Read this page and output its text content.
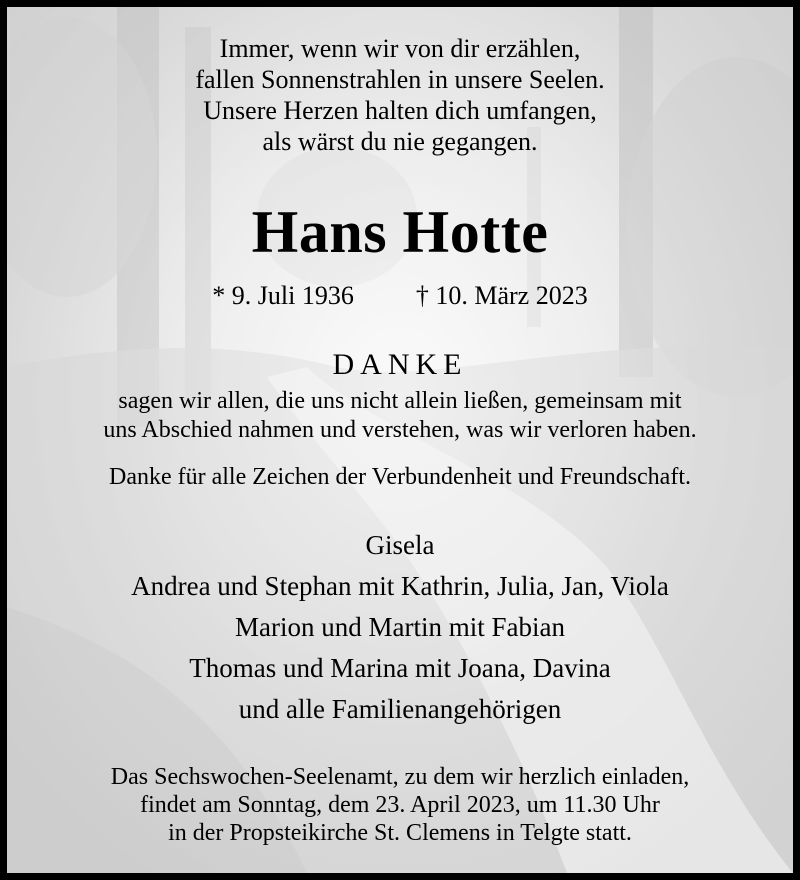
Immer, wenn wir von dir erzählen,
fallen Sonnenstrahlen in unsere Seelen.
Unsere Herzen halten dich umfangen,
als wärst du nie gegangen.
Hans Hotte
* 9. Juli 1936 † 10. März 2023
DANKE
sagen wir allen, die uns nicht allein ließen, gemeinsam mit
uns Abschied nahmen und verstehen, was wir verloren haben.
Danke für alle Zeichen der Verbundenheit und Freundschaft.
Gisela
Andrea und Stephan mit Kathrin, Julia, Jan, Viola
Marion und Martin mit Fabian
Thomas und Marina mit Joana, Davina
und alle Familienangehörigen
Das Sechswochen-Seelenamt, zu dem wir herzlich einladen,
findet am Sonntag, dem 23. April 2023, um 11.30 Uhr
in der Propsteikirche St. Clemens in Telgte statt.
